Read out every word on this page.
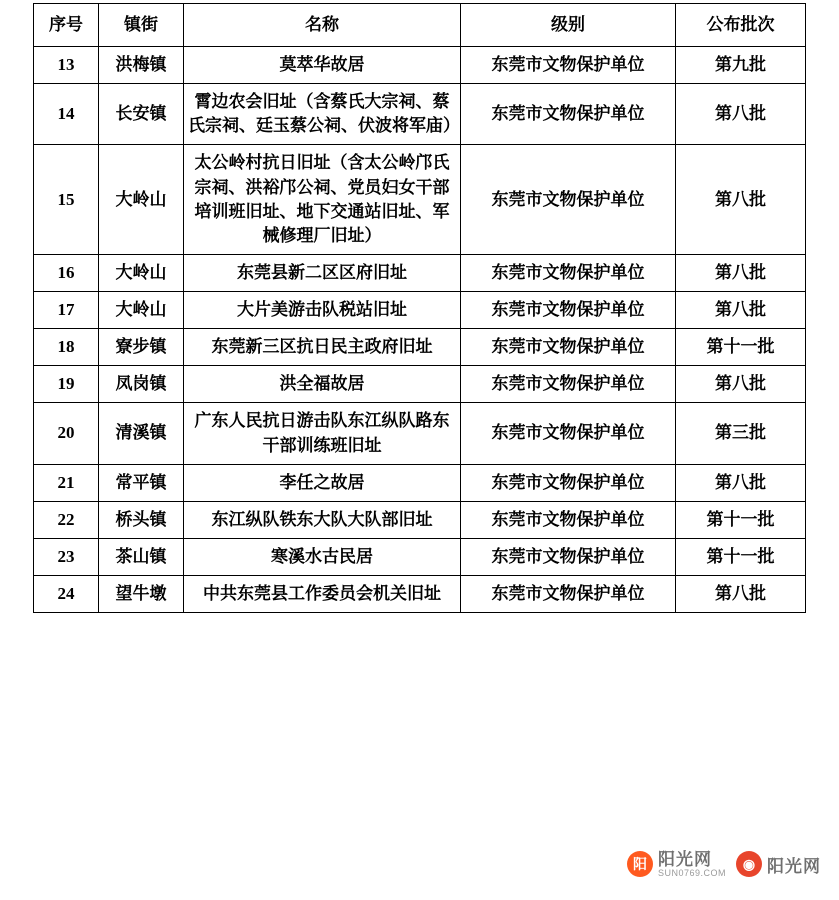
序号	镇街	名称	级别	公布批次
13	洪梅镇	莫萃华故居	东莞市文物保护单位	第九批
14	长安镇	霄边农会旧址（含蔡氏大宗祠、蔡氏宗祠、廷玉蔡公祠、伏波将军庙）	东莞市文物保护单位	第八批
15	大岭山	太公岭村抗日旧址（含太公岭邝氏宗祠、洪裕邝公祠、党员妇女干部培训班旧址、地下交通站旧址、军械修理厂旧址）	东莞市文物保护单位	第八批
16	大岭山	东莞县新二区区府旧址	东莞市文物保护单位	第八批
17	大岭山	大片美游击队税站旧址	东莞市文物保护单位	第八批
18	寮步镇	东莞新三区抗日民主政府旧址	东莞市文物保护单位	第十一批
19	凤岗镇	洪全福故居	东莞市文物保护单位	第八批
20	清溪镇	广东人民抗日游击队东江纵队路东干部训练班旧址	东莞市文物保护单位	第三批
21	常平镇	李任之故居	东莞市文物保护单位	第八批
22	桥头镇	东江纵队铁东大队大队部旧址	东莞市文物保护单位	第十一批
23	茶山镇	寒溪水古民居	东莞市文物保护单位	第十一批
24	望牛墩	中共东莞县工作委员会机关旧址	东莞市文物保护单位	第八批
阳 阳光网
SUN0769.COM
◉ 阳光网
